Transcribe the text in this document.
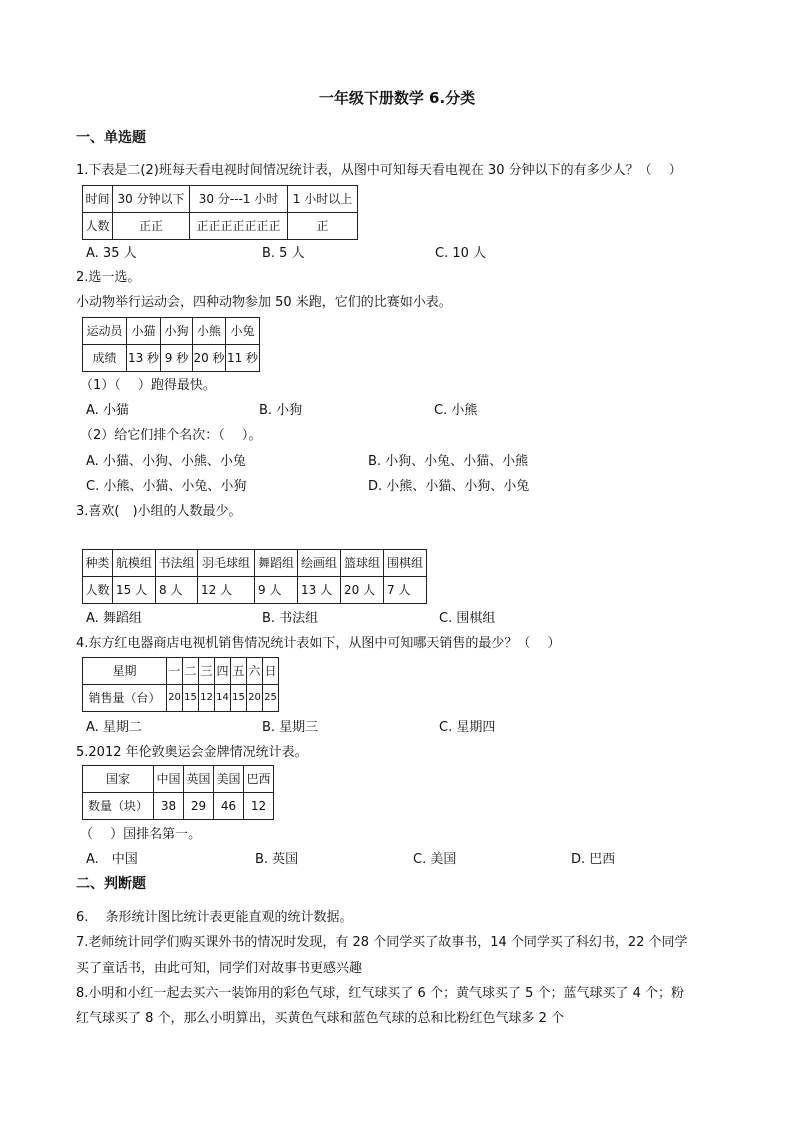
一年级下册数学 6.分类
一、单选题
1.下表是二(2)班每天看电视时间情况统计表，从图中可知每天看电视在 30 分钟以下的有多少人？（　 ）
时间	30 分钟以下	30 分---1 小时	1 小时以上
人数	正正	正正正正正正正	正
A. 35 人	B. 5 人	C. 10 人
2.选一选。
小动物举行运动会，四种动物参加 50 米跑，它们的比赛如小表。
运动员	小猫	小狗	小熊	小兔
成绩	13 秒	9 秒	20 秒	11 秒
（1）（　 ）跑得最快。
A. 小猫	B. 小狗	C. 小熊
（2）给它们排个名次：（　 ）。
A. 小猫、小狗、小熊、小兔	B. 小狗、小兔、小猫、小熊
C. 小熊、小猫、小兔、小狗	D. 小熊、小猫、小狗、小兔
3.喜欢(　)小组的人数最少。
种类	航模组	书法组	羽毛球组	舞蹈组	绘画组	篮球组	围棋组
人数	15 人	8 人	12 人	9 人	13 人	20 人	7 人
A. 舞蹈组	B. 书法组	C. 围棋组
4.东方红电器商店电视机销售情况统计表如下，从图中可知哪天销售的最少？（　 ）
星期	一	二	三	四	五	六	日
销售量（台）	20	15	12	14	15	20	25
A. 星期二	B. 星期三	C. 星期四
5.2012 年伦敦奥运会金牌情况统计表。
国家	中国	英国	美国	巴西
数量（块）	38	29	46	12
（　 ）国排名第一。
A.　中国	B. 英国	C. 美国	D. 巴西
二、判断题
6.　 条形统计图比统计表更能直观的统计数据。
7.老师统计同学们购买课外书的情况时发现，有 28 个同学买了故事书，14 个同学买了科幻书，22 个同学
买了童话书，由此可知，同学们对故事书更感兴趣
8.小明和小红一起去买六一装饰用的彩色气球，红气球买了 6 个；黄气球买了 5 个；蓝气球买了 4 个；粉
红气球买了 8 个，那么小明算出，买黄色气球和蓝色气球的总和比粉红色气球多 2 个
